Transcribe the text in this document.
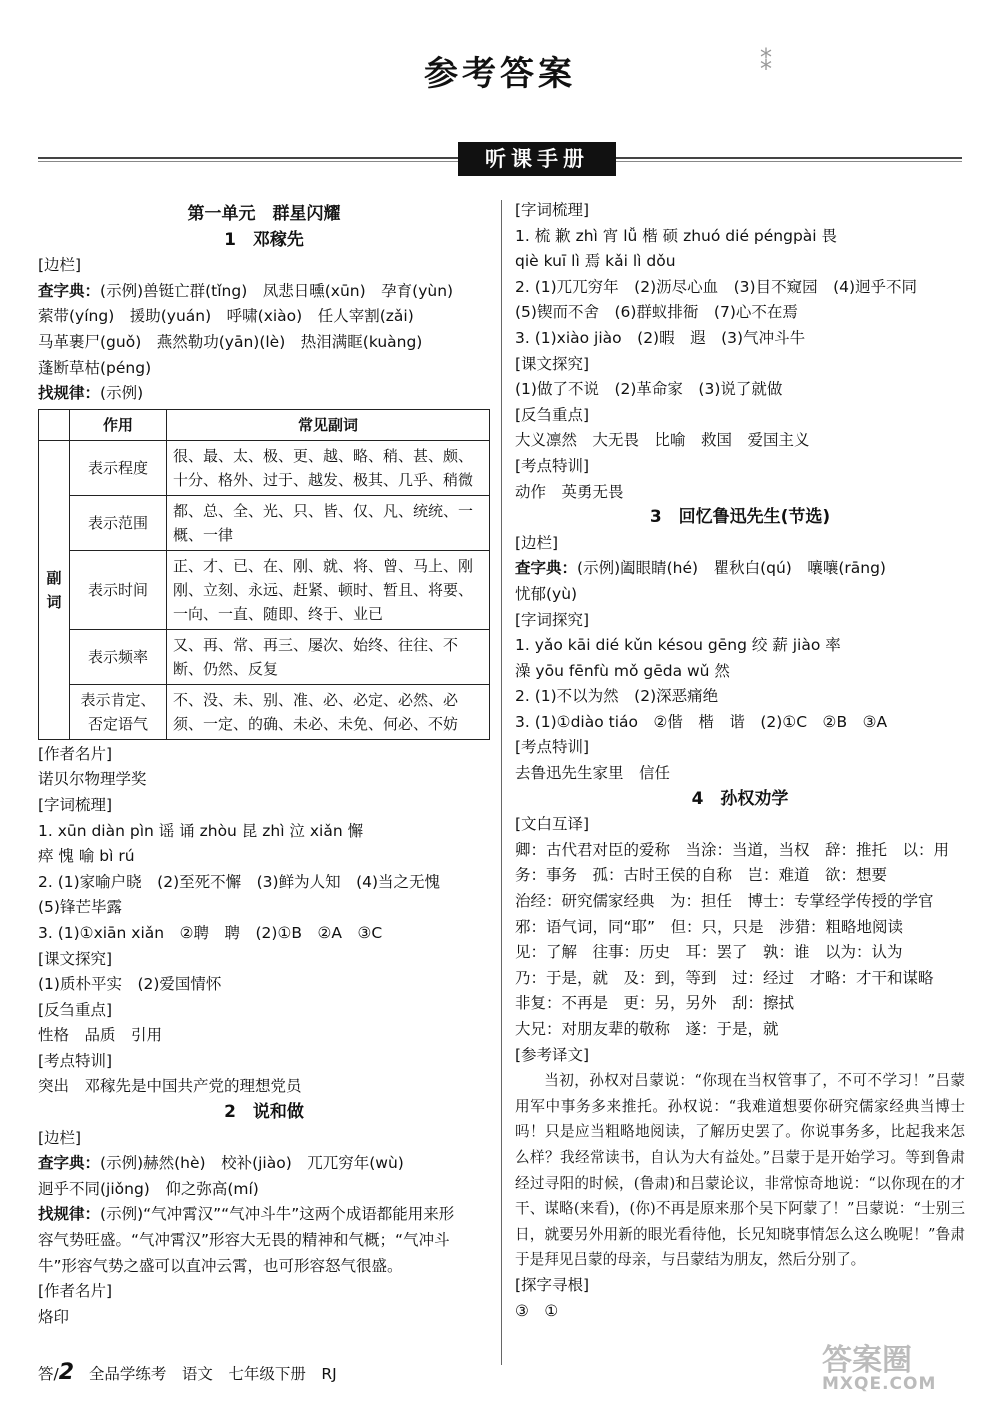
参考答案	⁑
听课手册
第一单元　群星闪耀
1　邓稼先
[边栏]
查字典：(示例)兽铤亡群(tǐng)　凤悲日曛(xūn)　孕育(yùn)
萦带(yíng)　援助(yuán)　呼啸(xiào)　任人宰割(zǎi)
马革裹尸(guǒ)　燕然勒功(yān)(lè)　热泪满眶(kuàng)
蓬断草枯(péng)
找规律：(示例)
	作用	常见副词
副词	表示程度	很、最、太、极、更、越、略、稍、甚、颇、十分、格外、过于、越发、极其、几乎、稍微
	表示范围	都、总、全、光、只、皆、仅、凡、统统、一概、一律
	表示时间	正、才、已、在、刚、就、将、曾、马上、刚刚、立刻、永远、赶紧、顿时、暂且、将要、一向、一直、随即、终于、业已
	表示频率	又、再、常、再三、屡次、始终、往往、不断、仍然、反复
	表示肯定、否定语气	不、没、未、别、准、必、必定、必然、必须、一定、的确、未必、未免、何必、不妨
[作者名片]
诺贝尔物理学奖
[字词梳理]
1. xūn diàn pìn 谣 诵 zhòu 昆 zhì 泣 xiǎn 懈
瘁 愧 喻 bì rú
2. (1)家喻户晓　(2)至死不懈　(3)鲜为人知　(4)当之无愧
(5)锋芒毕露
3. (1)①xiān xiǎn　②聘　聘　(2)①B　②A　③C
[课文探究]
(1)质朴平实　(2)爱国情怀
[反刍重点]
性格　品质　引用
[考点特训]
突出　邓稼先是中国共产党的理想党员
2　说和做
[边栏]
查字典：(示例)赫然(hè)　校补(jiào)　兀兀穷年(wù)
迥乎不同(jiǒng)　仰之弥高(mí)
找规律：(示例)“气冲霄汉”“气冲斗牛”这两个成语都能用来形
容气势旺盛。“气冲霄汉”形容大无畏的精神和气概；“气冲斗
牛”形容气势之盛可以直冲云霄，也可形容怒气很盛。
[作者名片]
烙印
[字词梳理]
1. 梳 歉 zhì 宵 lǚ 楷 硕 zhuó dié péngpài 畏
qiè kuī lì 焉 kǎi lì dǒu
2. (1)兀兀穷年　(2)沥尽心血　(3)目不窥园　(4)迥乎不同
(5)锲而不舍　(6)群蚁排衙　(7)心不在焉
3. (1)xiào jiào　(2)暇　遐　(3)气冲斗牛
[课文探究]
(1)做了不说　(2)革命家　(3)说了就做
[反刍重点]
大义凛然　大无畏　比喻　救国　爱国主义
[考点特训]
动作　英勇无畏
3　回忆鲁迅先生(节选)
[边栏]
查字典：(示例)阖眼睛(hé)　瞿秋白(qú)　嚷嚷(rāng)
忧郁(yù)
[字词探究]
1. yǎo kāi dié kǔn késou gēng 绞 薪 jiào 率
澡 yōu fēnfù mǒ gēda wǔ 然
2. (1)不以为然　(2)深恶痛绝
3. (1)①diào tiáo　②偕　楷　谐　(2)①C　②B　③A
[考点特训]
去鲁迅先生家里　信任
4　孙权劝学
[文白互译]
卿：古代君对臣的爱称　当涂：当道，当权　辞：推托　以：用
务：事务　孤：古时王侯的自称　岂：难道　欲：想要
治经：研究儒家经典　为：担任　博士：专掌经学传授的学官
邪：语气词，同“耶”　但：只，只是　涉猎：粗略地阅读
见：了解　往事：历史　耳：罢了　孰：谁　以为：认为
乃：于是，就　及：到，等到　过：经过　才略：才干和谋略
非复：不再是　更：另，另外　刮：擦拭
大兄：对朋友辈的敬称　遂：于是，就
[参考译文]
当初，孙权对吕蒙说：“你现在当权管事了，不可不学习！”吕蒙用军中事务多来推托。孙权说：“我难道想要你研究儒家经典当博士吗！只是应当粗略地阅读，了解历史罢了。你说事务多，比起我来怎么样？我经常读书，自认为大有益处。”吕蒙于是开始学习。等到鲁肃经过寻阳的时候，(鲁肃)和吕蒙论议，非常惊奇地说：“以你现在的才干、谋略(来看)，(你)不再是原来那个吴下阿蒙了！”吕蒙说：“士别三日，就要另外用新的眼光看待他，长兄知晓事情怎么这么晚呢！”鲁肃于是拜见吕蒙的母亲，与吕蒙结为朋友，然后分别了。
[探字寻根]
③　①
答/2 全品学练考　语文　七年级下册　RJ	答案圈
MXQE.COM
